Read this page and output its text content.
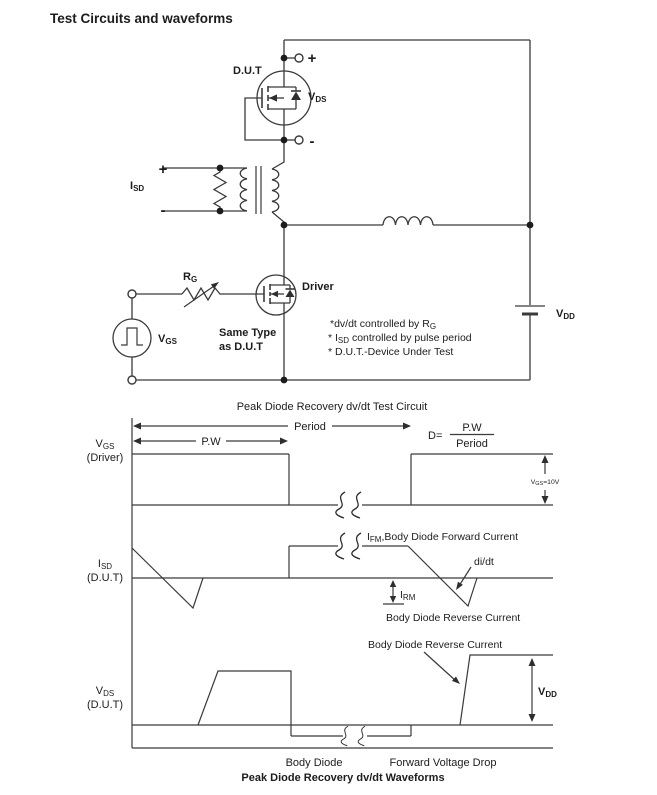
Test Circuits and waveforms
D.U.T
+
-
VDS
+
-
ISD
RG
Driver
VGS
Same Type
as D.U.T
VDD
*dv/dt controlled by RG
* ISD controlled by pulse period
* D.U.T.-Device Under Test
Peak Diode Recovery dv/dt Test Circuit
Period
P.W	D=
P.W
Period
VGS=10V
IFM,Body Diode Forward Current
di/dt
IRM
Body Diode Reverse Current
Body Diode Reverse Current
VDD
VGS
(Driver)
ISD
(D.U.T)
VDS
(D.U.T)
Body Diode	Forward Voltage Drop
Peak Diode Recovery dv/dt Waveforms
